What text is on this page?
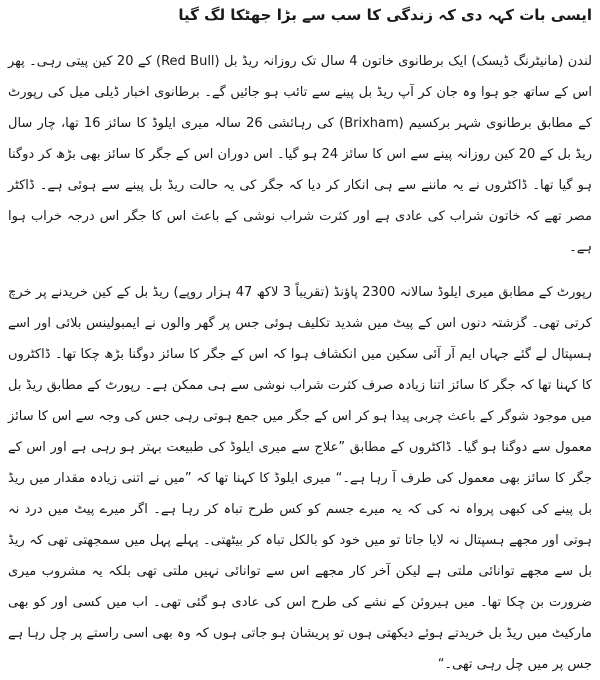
ایسی بات کہہ دی کہ زندگی کا سب سے بڑا جھٹکا لگ گیا

لندن (مانیٹرنگ ڈیسک) ایک برطانوی خاتون 4 سال تک روزانہ ریڈ بل (Red Bull) کے 20 کین پیتی رہی۔ پھر اس کے ساتھ جو ہوا وہ جان کر آپ ریڈ بل پینے سے تائب ہو جائیں گے۔ برطانوی اخبار ڈیلی میل کی رپورٹ کے مطابق برطانوی شہر برکسیم (Brixham) کی رہائشی 26 سالہ میری ایلوڈ کا سائز 16 تھا، چار سال ریڈ بل کے 20 کین روزانہ پینے سے اس کا سائز 24 ہو گیا۔ اس دوران اس کے جگر کا سائز بھی بڑھ کر دوگنا ہو گیا تھا۔ ڈاکٹروں نے یہ ماننے سے ہی انکار کر دیا کہ جگر کی یہ حالت ریڈ بل پینے سے ہوئی ہے۔ ڈاکٹر مصر تھے کہ خاتون شراب کی عادی ہے اور کثرت شراب نوشی کے باعث اس کا جگر اس درجہ خراب ہوا ہے۔

رپورٹ کے مطابق میری ایلوڈ سالانہ 2300 پاؤنڈ (تقریباً 3 لاکھ 47 ہزار روپے) ریڈ بل کے کین خریدنے پر خرچ کرتی تھی۔ گزشتہ دنوں اس کے پیٹ میں شدید تکلیف ہوئی جس پر گھر والوں نے ایمبولینس بلائی اور اسے ہسپتال لے گئے جہاں ایم آر آئی سکین میں انکشاف ہوا کہ اس کے جگر کا سائز دوگنا بڑھ چکا تھا۔ ڈاکٹروں کا کہنا تھا کہ جگر کا سائز اتنا زیادہ صرف کثرت شراب نوشی سے ہی ممکن ہے۔ رپورٹ کے مطابق ریڈ بل میں موجود شوگر کے باعث چربی پیدا ہو کر اس کے جگر میں جمع ہوتی رہی جس کی وجہ سے اس کا سائز معمول سے دوگنا ہو گیا۔ ڈاکٹروں کے مطابق ”علاج سے میری ایلوڈ کی طبیعت بہتر ہو رہی ہے اور اس کے جگر کا سائز بھی معمول کی طرف آ رہا ہے۔“ میری ایلوڈ کا کہنا تھا کہ ”میں نے اتنی زیادہ مقدار میں ریڈ بل پینے کی کبھی پرواہ نہ کی کہ یہ میرے جسم کو کس طرح تباہ کر رہا ہے۔ اگر میرے پیٹ میں درد نہ ہوتی اور مجھے ہسپتال نہ لایا جاتا تو میں خود کو بالکل تباہ کر بیٹھتی۔ پہلے پہل میں سمجھتی تھی کہ ریڈ بل سے مجھے توانائی ملتی ہے لیکن آخر کار مجھے اس سے توانائی نہیں ملتی تھی بلکہ یہ مشروب میری ضرورت بن چکا تھا۔ میں ہیروئن کے نشے کی طرح اس کی عادی ہو گئی تھی۔ اب میں کسی اور کو بھی مارکیٹ میں ریڈ بل خریدتے ہوئے دیکھتی ہوں تو پریشان ہو جاتی ہوں کہ وہ بھی اسی راستے پر چل رہا ہے جس پر میں چل رہی تھی۔“
